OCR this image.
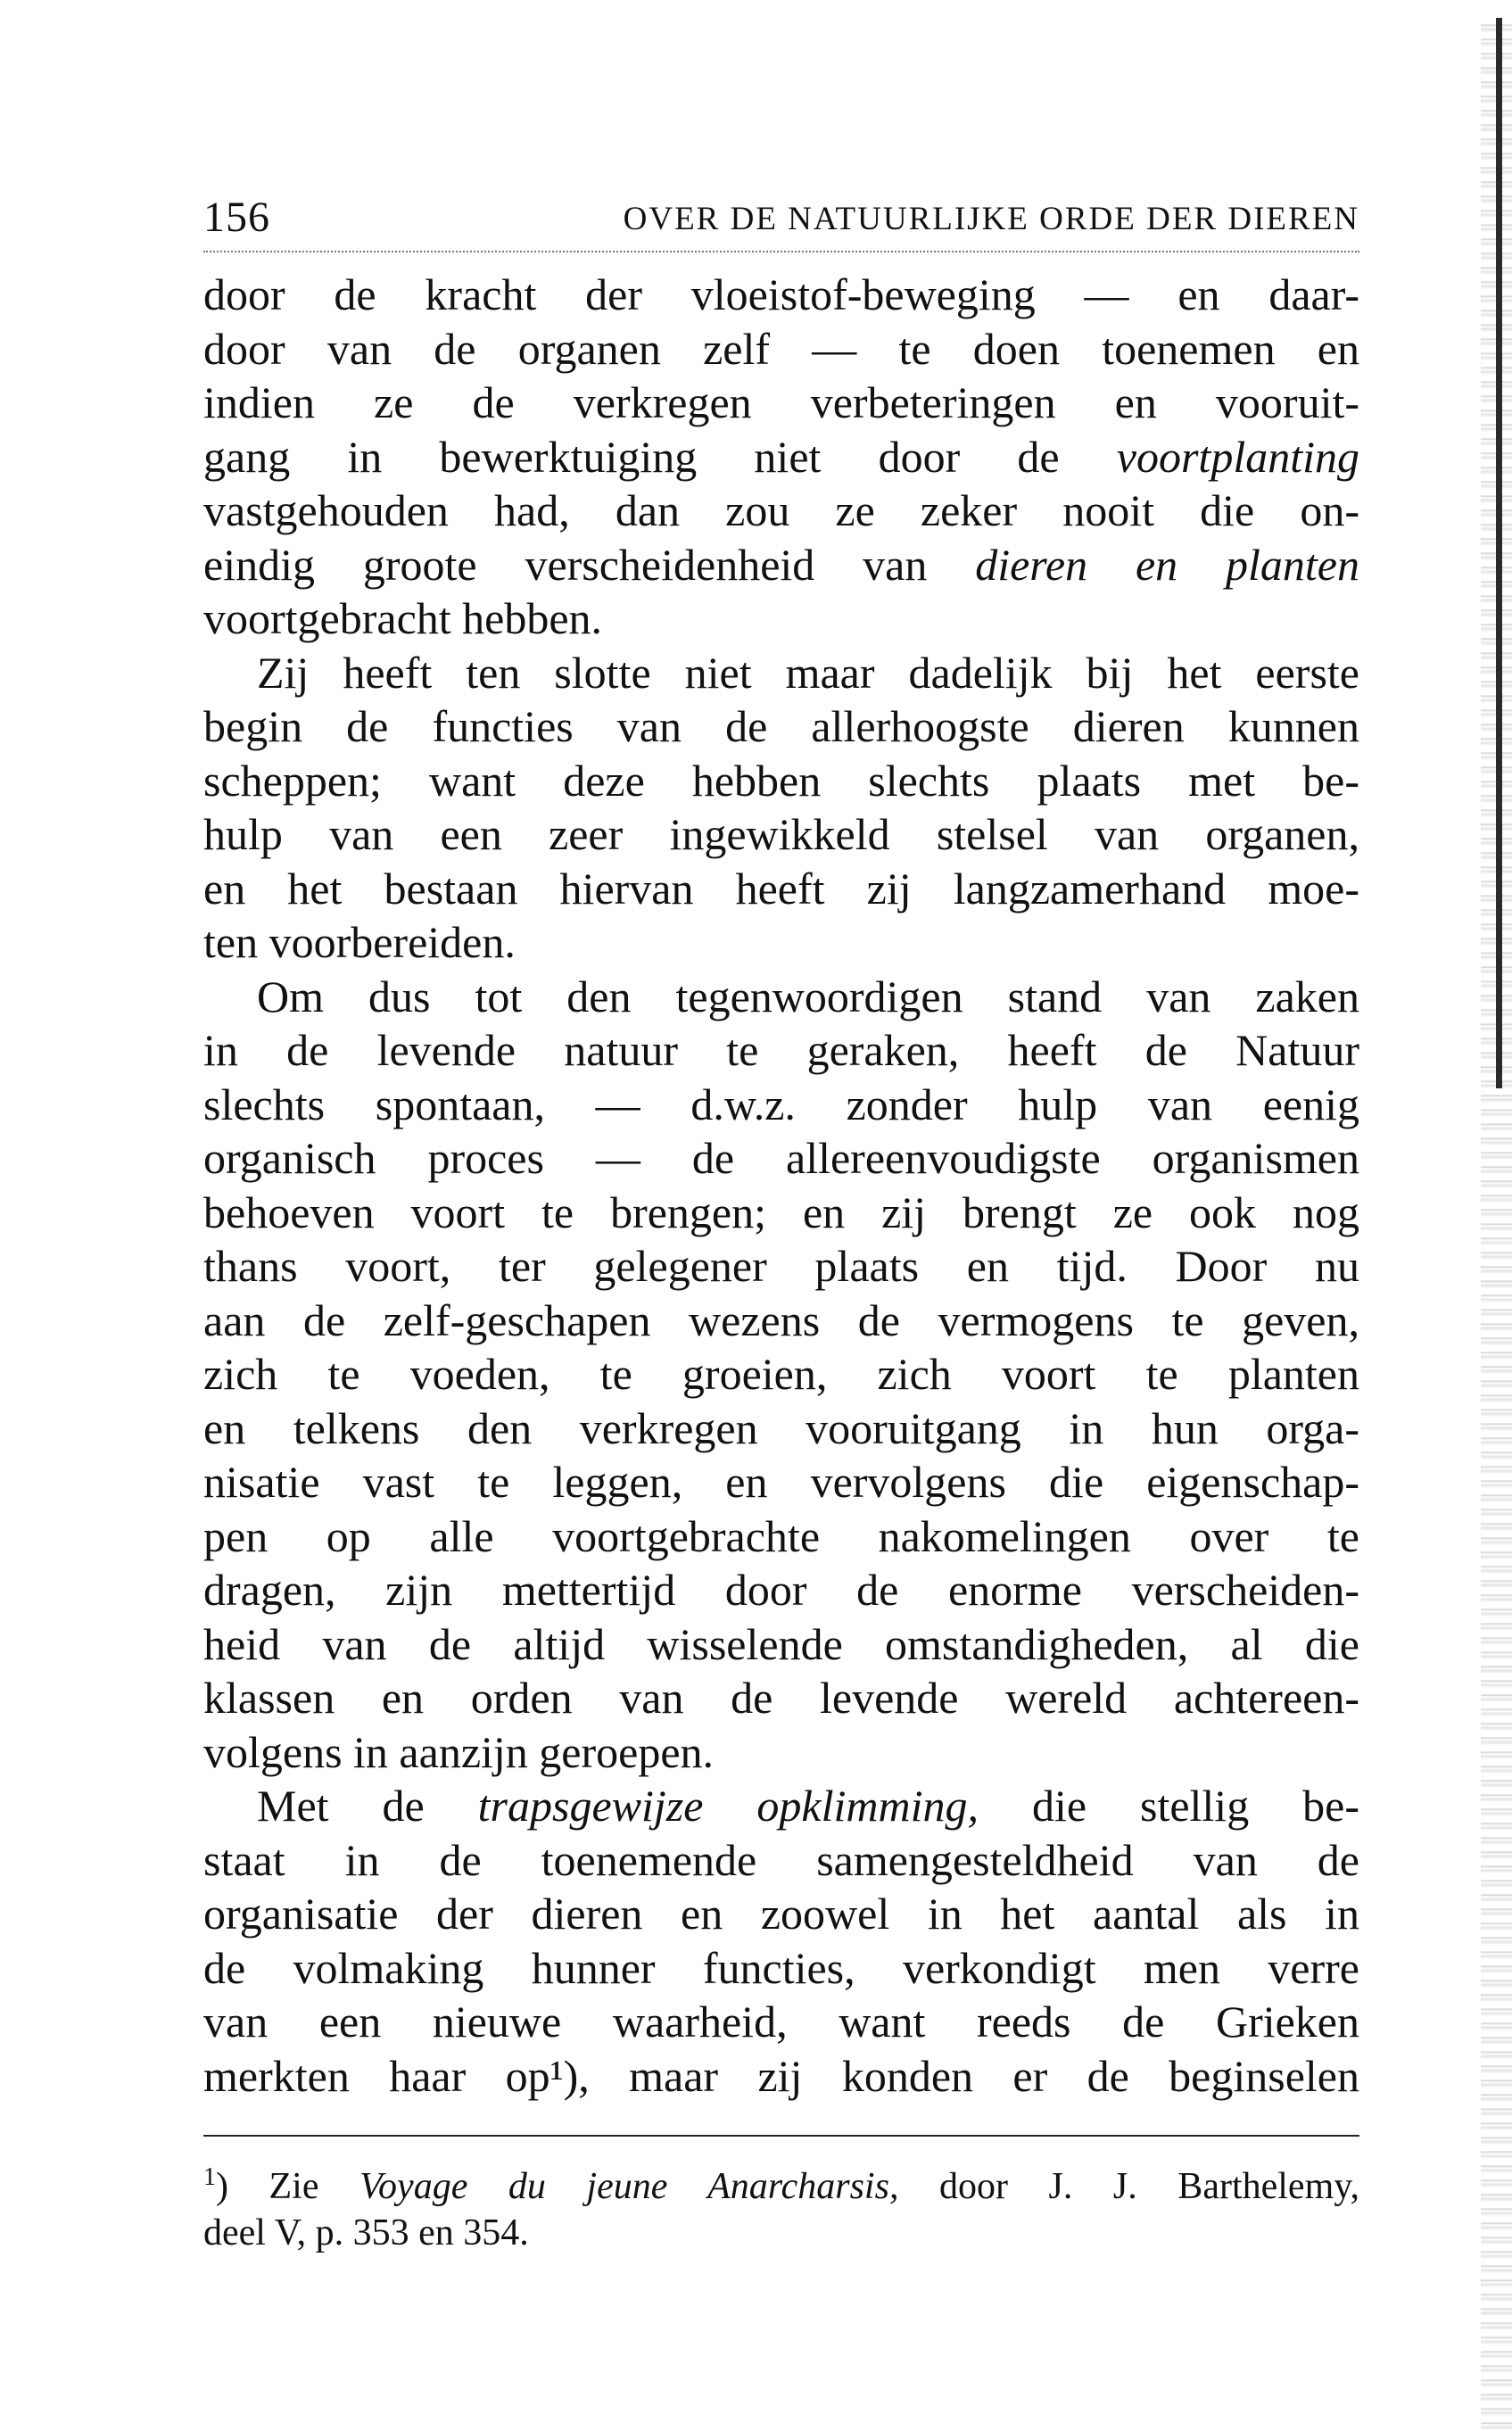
156	OVER DE NATUURLIJKE ORDE DER DIEREN
door de kracht der vloeistof-beweging — en daar-
door van de organen zelf — te doen toenemen en
indien ze de verkregen verbeteringen en vooruit-
gang in bewerktuiging niet door de voortplanting
vastgehouden had, dan zou ze zeker nooit die on-
eindig groote verscheidenheid van dieren en planten
voortgebracht hebben.
Zij heeft ten slotte niet maar dadelijk bij het eerste
begin de functies van de allerhoogste dieren kunnen
scheppen; want deze hebben slechts plaats met be-
hulp van een zeer ingewikkeld stelsel van organen,
en het bestaan hiervan heeft zij langzamerhand moe-
ten voorbereiden.
Om dus tot den tegenwoordigen stand van zaken
in de levende natuur te geraken, heeft de Natuur
slechts spontaan, — d.w.z. zonder hulp van eenig
organisch proces — de allereenvoudigste organismen
behoeven voort te brengen; en zij brengt ze ook nog
thans voort, ter gelegener plaats en tijd. Door nu
aan de zelf-geschapen wezens de vermogens te geven,
zich te voeden, te groeien, zich voort te planten
en telkens den verkregen vooruitgang in hun orga-
nisatie vast te leggen, en vervolgens die eigenschap-
pen op alle voortgebrachte nakomelingen over te
dragen, zijn mettertijd door de enorme verscheiden-
heid van de altijd wisselende omstandigheden, al die
klassen en orden van de levende wereld achtereen-
volgens in aanzijn geroepen.
Met de trapsgewijze opklimming, die stellig be-
staat in de toenemende samengesteldheid van de
organisatie der dieren en zoowel in het aantal als in
de volmaking hunner functies, verkondigt men verre
van een nieuwe waarheid, want reeds de Grieken
merkten haar op¹), maar zij konden er de beginselen
$^1$) Zie Voyage du jeune Anarcharsis, door J. J. Barthelemy,
deel V, p. 353 en 354.
